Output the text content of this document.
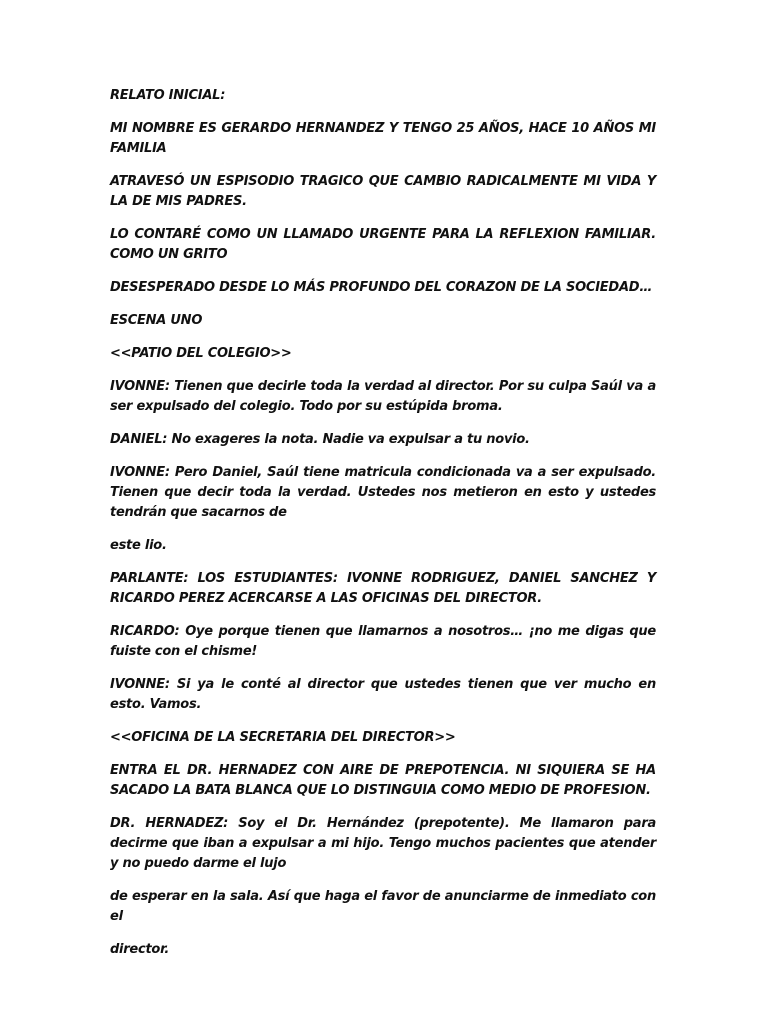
RELATO INICIAL:

MI NOMBRE ES GERARDO HERNANDEZ Y TENGO 25 AÑOS, HACE 10 AÑOS MI FAMILIA

ATRAVESÓ UN ESPISODIO TRAGICO QUE CAMBIO RADICALMENTE MI VIDA Y LA DE MIS PADRES.

LO CONTARÉ COMO UN LLAMADO URGENTE PARA LA REFLEXION FAMILIAR. COMO UN GRITO

DESESPERADO DESDE LO MÁS PROFUNDO DEL CORAZON DE LA SOCIEDAD…

ESCENA UNO

<<PATIO DEL COLEGIO>>

IVONNE: Tienen que decirle toda la verdad al director. Por su culpa Saúl va a ser expulsado del colegio. Todo por su estúpida broma.

DANIEL: No exageres la nota. Nadie va expulsar a tu novio.

IVONNE: Pero Daniel, Saúl tiene matricula condicionada va a ser expulsado. Tienen que decir toda la verdad. Ustedes nos metieron en esto y ustedes tendrán que sacarnos de

este lio.

PARLANTE: LOS ESTUDIANTES: IVONNE RODRIGUEZ, DANIEL SANCHEZ Y RICARDO PEREZ ACERCARSE A LAS OFICINAS DEL DIRECTOR.

RICARDO: Oye porque tienen que llamarnos a nosotros… ¡no me digas que fuiste con el chisme!

IVONNE: Si ya le conté al director que ustedes tienen que ver mucho en esto. Vamos.

<<OFICINA DE LA SECRETARIA DEL DIRECTOR>>

ENTRA EL DR. HERNADEZ CON AIRE DE PREPOTENCIA. NI SIQUIERA SE HA SACADO LA BATA BLANCA QUE LO DISTINGUIA COMO MEDIO DE PROFESION.

DR. HERNADEZ: Soy el Dr. Hernández (prepotente). Me llamaron para decirme que iban a expulsar a mi hijo. Tengo muchos pacientes que atender y no puedo darme el lujo

de esperar en la sala. Así que haga el favor de anunciarme de inmediato con el

director.
